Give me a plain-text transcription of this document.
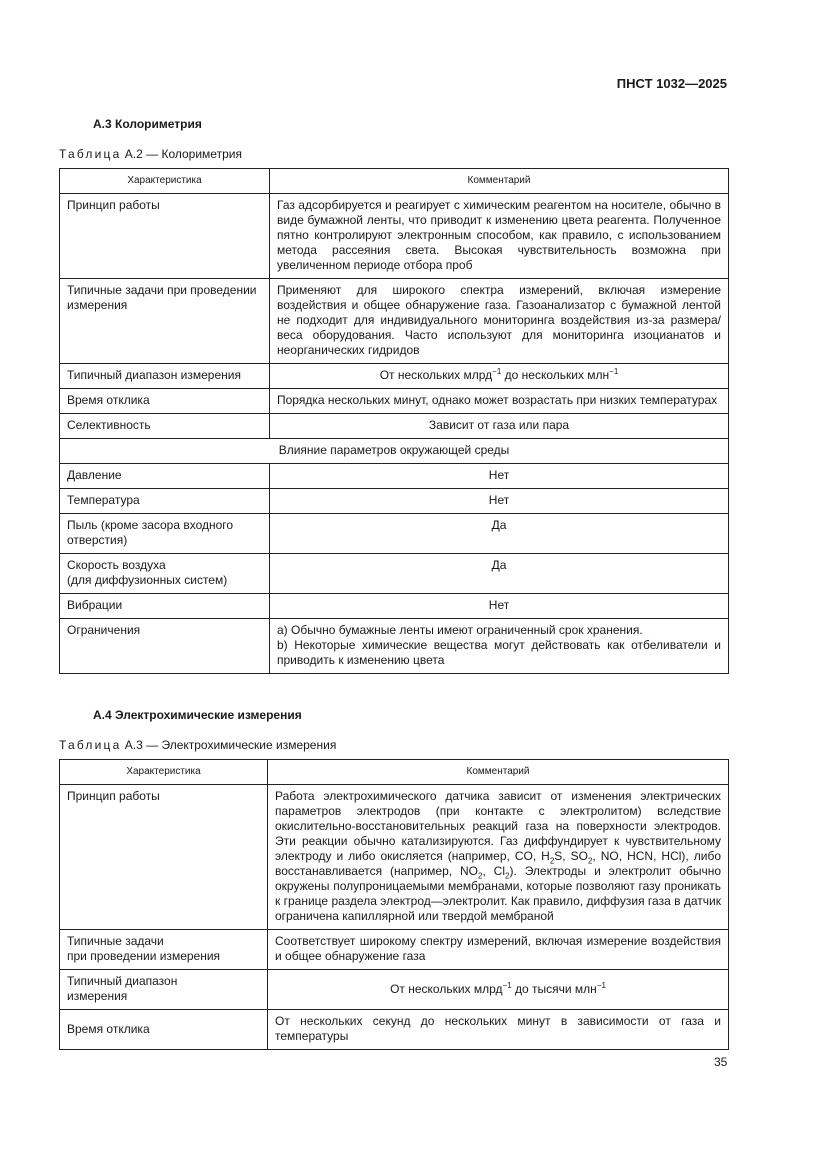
ПНСТ 1032—2025
А.3 Колориметрия
Таблица А.2 — Колориметрия
Характеристика	Комментарий
Принцип работы	Газ адсорбируется и реагирует с химическим реагентом на носителе, обычно в виде бумажной ленты, что приводит к изменению цвета реагента. Полученное пятно контролируют электронным способом, как правило, с использованием метода рассеяния света. Высокая чувствительность возможна при увеличенном периоде отбора проб
Типичные задачи при проведении измерения	Применяют для широкого спектра измерений, включая измерение воздействия и общее обнаружение газа. Газоанализатор с бумажной лентой не подходит для индивидуального мониторинга воздействия из-за размера/веса оборудования. Часто используют для мониторинга изоцианатов и неорганических гидридов
Типичный диапазон измерения	От нескольких млрд$^{-1}$ до нескольких млн$^{-1}$
Время отклика	Порядка нескольких минут, однако может возрастать при низких температурах
Селективность	Зависит от газа или пара
Влияние параметров окружающей среды	
Давление	Нет
Температура	Нет

Пыль (кроме засора входного
отверстия)	Да

Скорость воздуха
(для диффузионных систем)	Да
Вибрации	Нет
Ограничения	a) Обычно бумажные ленты имеют ограниченный срок хранения.
b) Некоторые химические вещества могут действовать как отбеливатели и приводить к изменению цвета
А.4 Электрохимические измерения
Таблица А.3 — Электрохимические измерения
Характеристика	Комментарий
Принцип работы	Работа электрохимического датчика зависит от изменения электрических параметров электродов (при контакте с электролитом) вследствие окислительно-восстановительных реакций газа на поверхности электродов. Эти реакции обычно катализируются. Газ диффундирует к чувствительному электроду и либо окисляется (например, CO, $H_2S$, $SO_2$, NO, HCN, HCl), либо восстанавливается (например, $NO_2$, $Cl_2$). Электроды и электролит обычно окружены полупроницаемыми мембранами, которые позволяют газу проникать к границе раздела электрод—электролит. Как правило, диффузия газа в датчик ограничена капиллярной или твердой мембраной

Типичные задачи
при проведении измерения	Соответствует широкому спектру измерений, включая измерение воздействия и общее обнаружение газа

Типичный диапазон
измерения	От нескольких млрд$^{-1}$ до тысячи млн$^{-1}$
Время отклика	От нескольких секунд до нескольких минут в зависимости от газа и температуры
35
